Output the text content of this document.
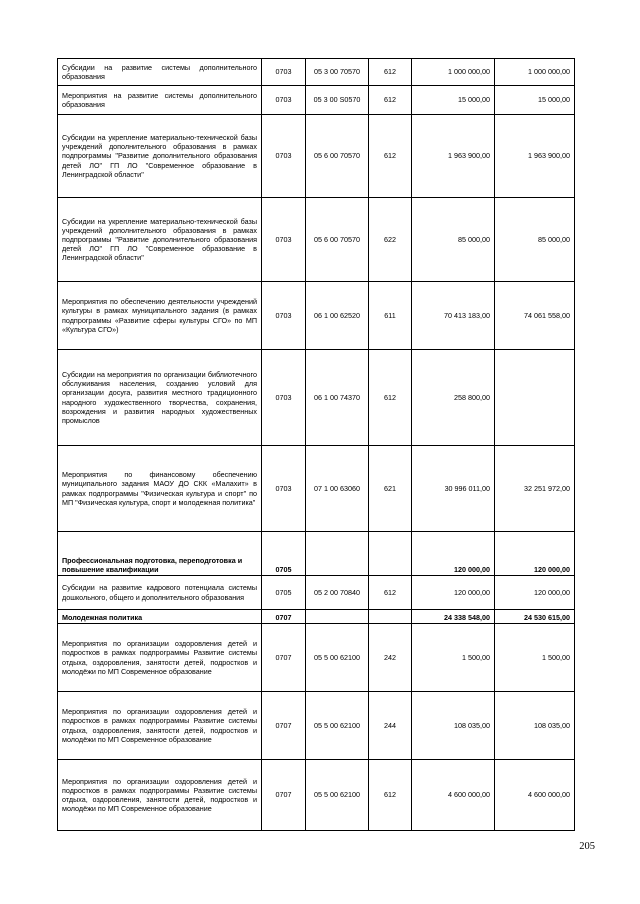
Субсидии на развитие системы дополнительного образования	0703	05 3 00 70570	612	1 000 000,00	1 000 000,00
Мероприятия на развитие системы дополнительного образования	0703	05 3 00 S0570	612	15 000,00	15 000,00
Субсидии на укрепление материально-технической базы учреждений дополнительного образования в рамках подпрограммы "Развитие дополнительного образования детей ЛО" ГП ЛО "Современное образование в Ленинградской области"	0703	05 6 00 70570	612	1 963 900,00	1 963 900,00
Субсидии на укрепление материально-технической базы учреждений дополнительного образования в рамках подпрограммы "Развитие дополнительного образования детей ЛО" ГП ЛО "Современное образование в Ленинградской области"	0703	05 6 00 70570	622	85 000,00	85 000,00
Мероприятия по обеспечению деятельности учреждений культуры в рамках муниципального задания (в рамках подпрограммы «Развитие сферы культуры СГО» по МП «Культура СГО»)	0703	06 1 00 62520	611	70 413 183,00	74 061 558,00
Субсидии на мероприятия по организации библиотечного обслуживания населения, созданию условий для организации досуга, развития местного традиционного народного художественного творчества, сохранения, возрождения и развития народных художественных промыслов	0703	06 1 00 74370	612	258 800,00	
Мероприятия по финансовому обеспечению муниципального задания МАОУ ДО СКК «Малахит» в рамках подпрограммы "Физическая культура и спорт" по МП "Физическая культура, спорт и молодежная политика"	0703	07 1 00 63060	621	30 996 011,00	32 251 972,00
Профессиональная подготовка, переподготовка и повышение квалификации	0705			120 000,00	120 000,00
Субсидии на развитие кадрового потенциала системы дошкольного, общего и дополнительного образования	0705	05 2 00 70840	612	120 000,00	120 000,00
Молодежная политика	0707			24 338 548,00	24 530 615,00
Мероприятия по организации оздоровления детей и подростков в рамках подпрограммы Развитие системы отдыха, оздоровления, занятости детей, подростков и молодёжи по МП Современное образование	0707	05 5 00 62100	242	1 500,00	1 500,00
Мероприятия по организации оздоровления детей и подростков в рамках подпрограммы Развитие системы отдыха, оздоровления, занятости детей, подростков и молодёжи по МП Современное образование	0707	05 5 00 62100	244	108 035,00	108 035,00
Мероприятия по организации оздоровления детей и подростков в рамках подпрограммы Развитие системы отдыха, оздоровления, занятости детей, подростков и молодёжи по МП Современное образование	0707	05 5 00 62100	612	4 600 000,00	4 600 000,00
205
